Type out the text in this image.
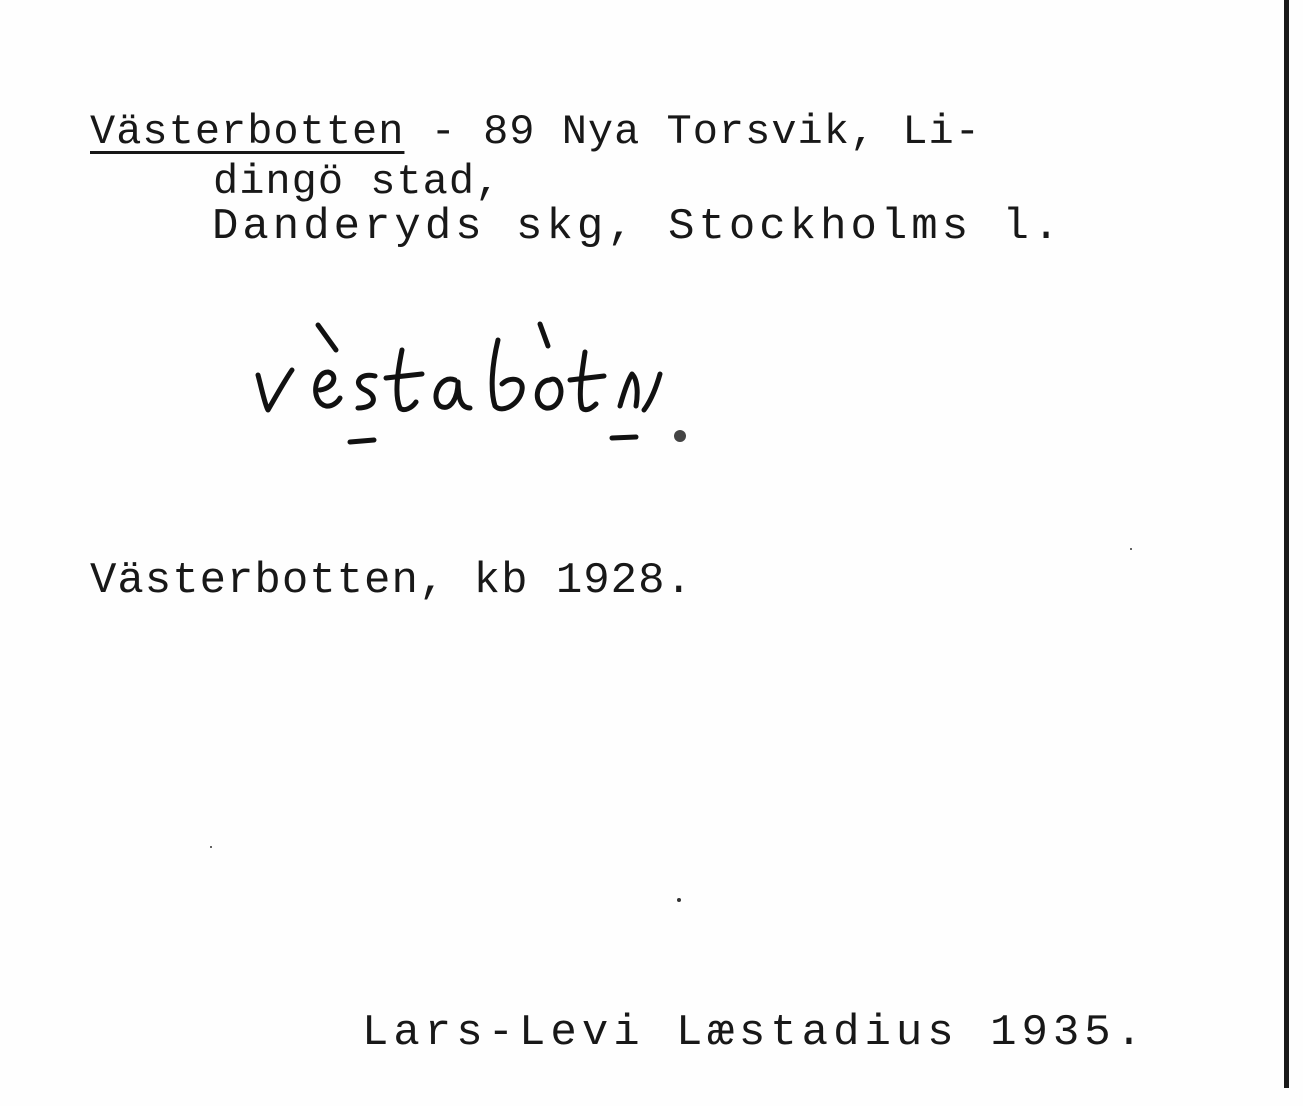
Västerbotten - 89 Nya Torsvik, Li-
dingö stad,
Danderyds skg, Stockholms l.
Västerbotten, kb 1928.
Lars-Levi Læstadius 1935.
